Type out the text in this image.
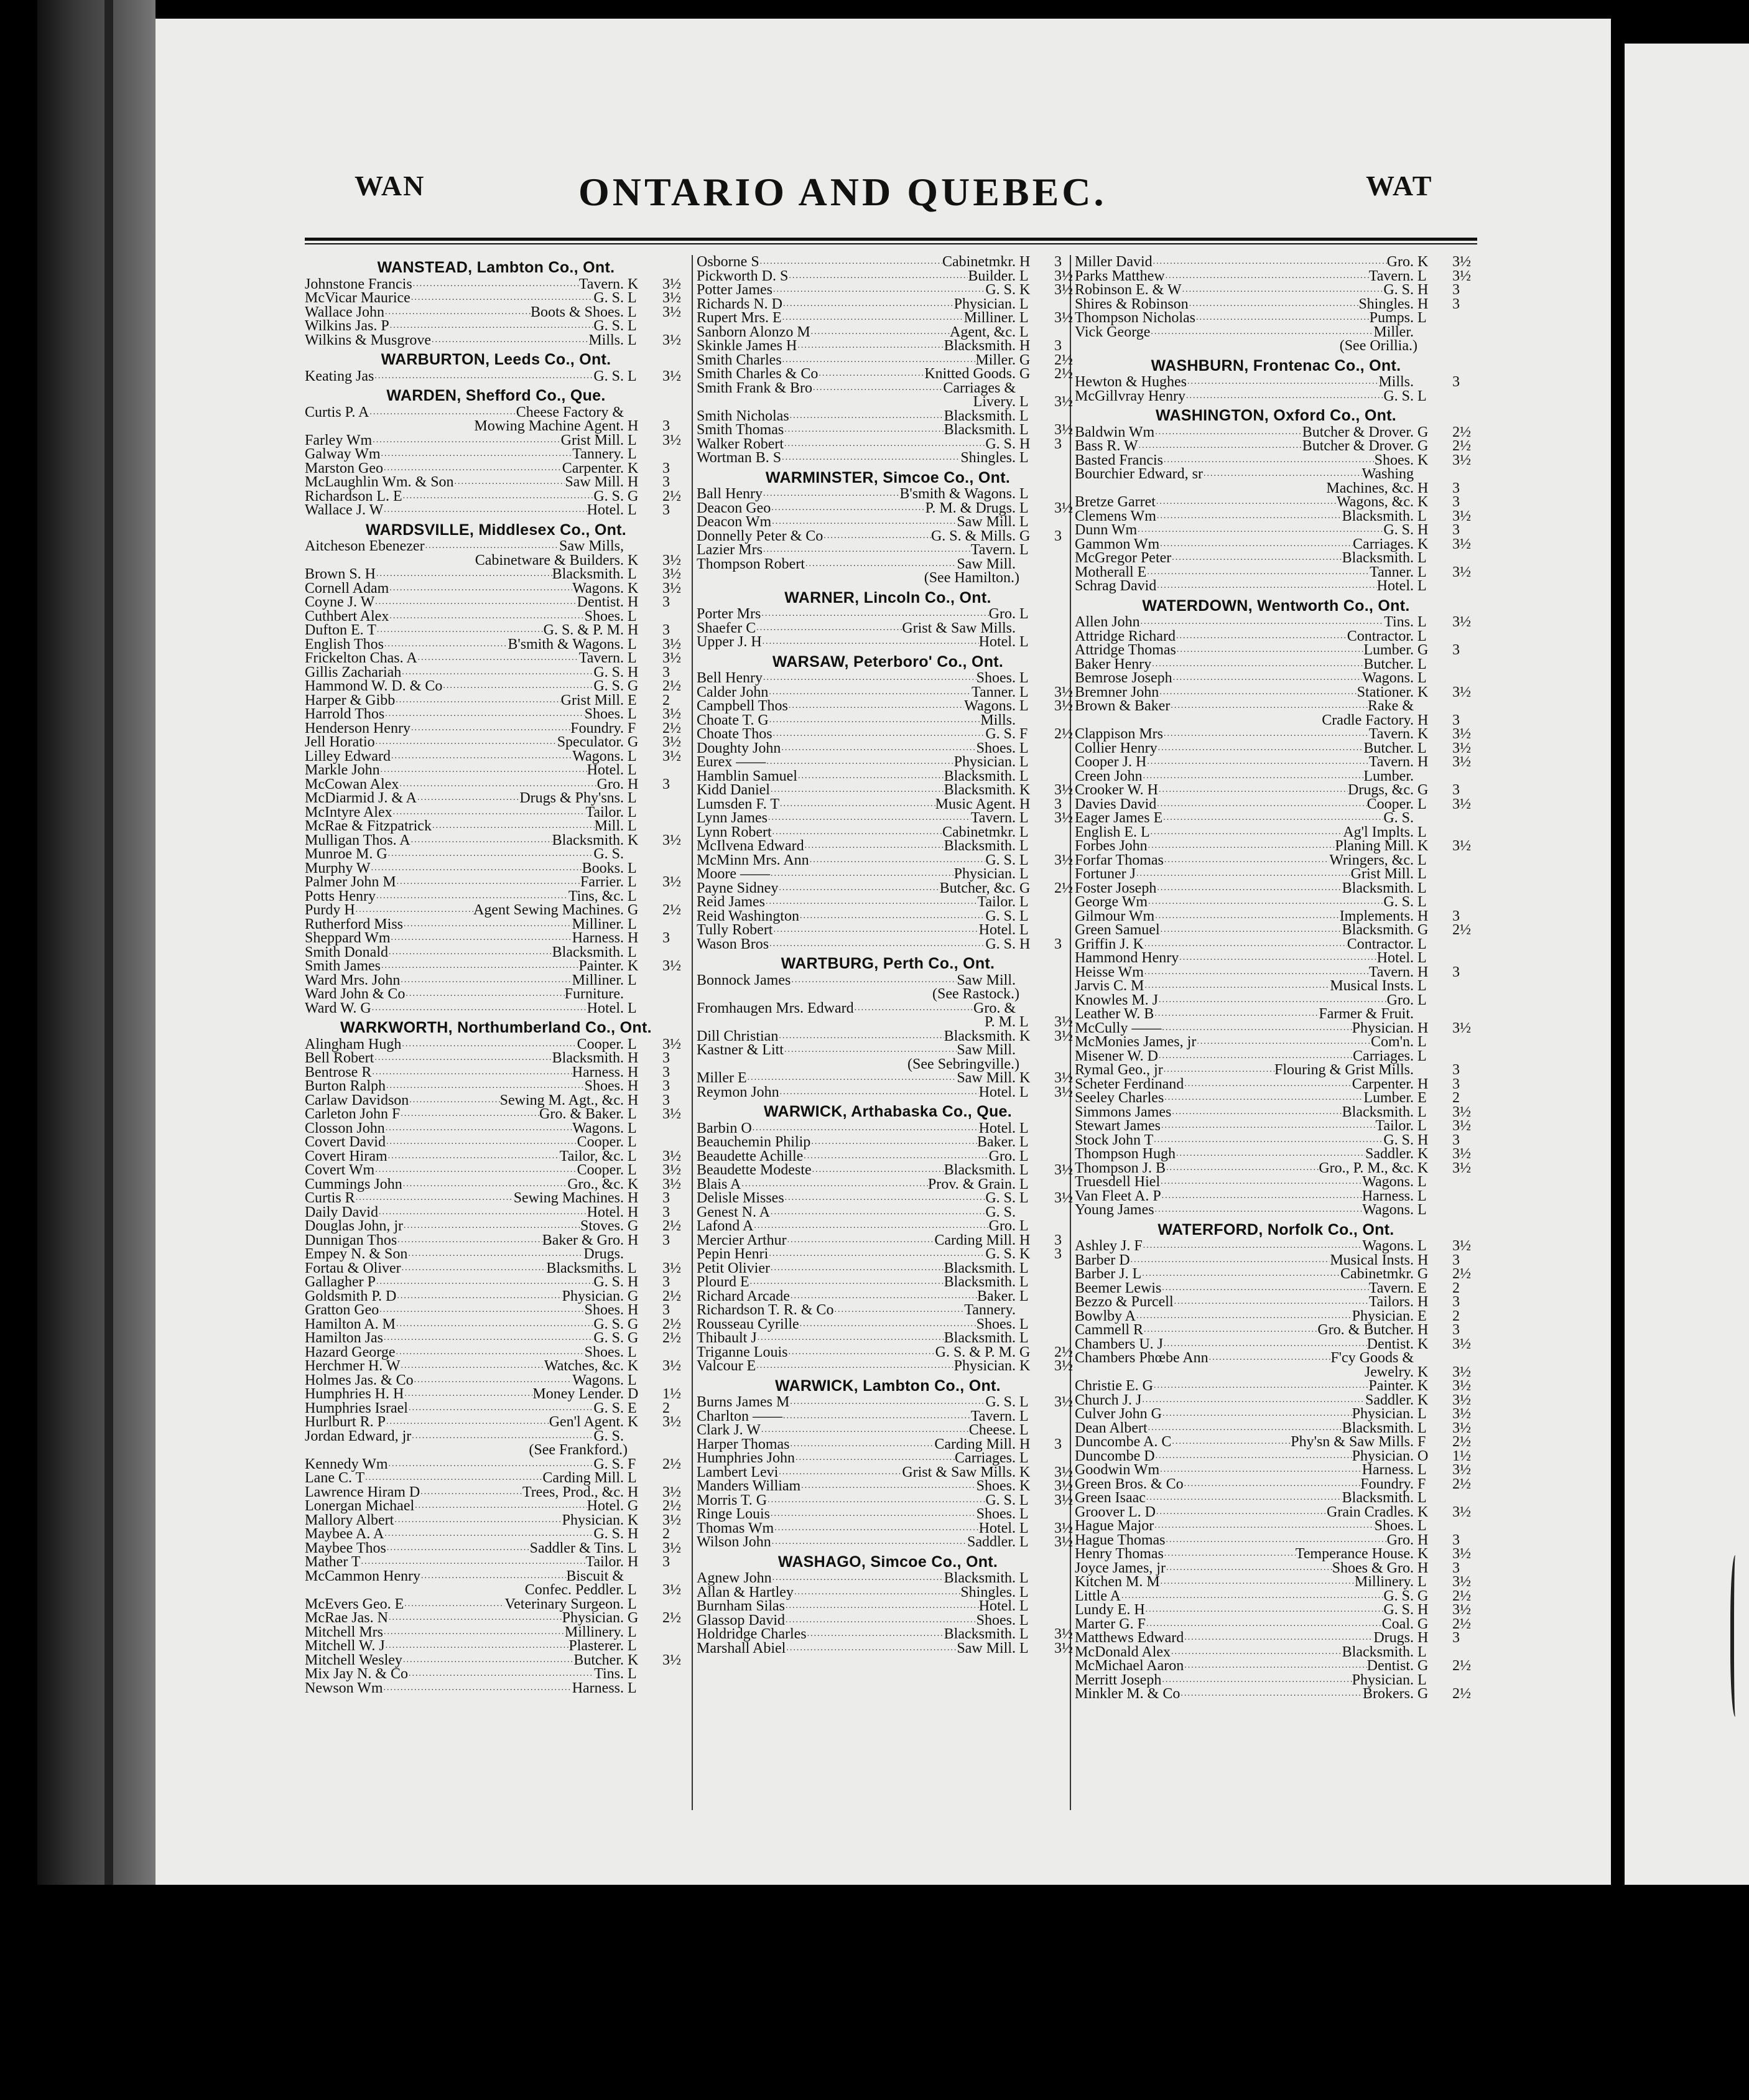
WAN	ONTARIO AND QUEBEC.	WAT
WANSTEAD, Lambton Co., Ont.
Johnstone Francis .....	Tavern. K	3½
McVicar Maurice .....	G. S. L	3½
Wallace John .....	Boots & Shoes. L	3½
Wilkins Jas. P .....	G. S. L
Wilkins & Musgrove .....	Mills. L	3½
WARBURTON, Leeds Co., Ont.
Keating Jas .....	G. S. L	3½
WARDEN, Shefford Co., Que.
Curtis P. A .....	Cheese Factory &
Mowing Machine Agent. H	3
Farley Wm .....	Grist Mill. L	3½
Galway Wm .....	Tannery. L
Marston Geo .....	Carpenter. K	3
McLaughlin Wm. & Son .....	Saw Mill. H	3
Richardson L. E .....	G. S. G	2½
Wallace J. W .....	Hotel. L	3
WARDSVILLE, Middlesex Co., Ont.
Aitcheson Ebenezer .....	Saw Mills,
Cabinetware & Builders. K	3½
Brown S. H .....	Blacksmith. L	3½
Cornell Adam .....	Wagons. K	3½
Coyne J. W .....	Dentist. H	3
Cuthbert Alex .....	Shoes. L
Dufton E. T .....	G. S. & P. M. H	3
English Thos .....	B'smith & Wagons. L	3½
Frickelton Chas. A .....	Tavern. L	3½
Gillis Zachariah .....	G. S. H	3
Hammond W. D. & Co .....	G. S. G	2½
Harper & Gibb .....	Grist Mill. E	2
Harrold Thos .....	Shoes. L	3½
Henderson Henry .....	Foundry. F	2½
Jell Horatio .....	Speculator. G	3½
Lilley Edward .....	Wagons. L	3½
Markle John .....	Hotel. L
McCowan Alex .....	Gro. H	3
McDiarmid J. & A .....	Drugs & Phy'sns. L
McIntyre Alex .....	Tailor. L
McRae & Fitzpatrick .....	Mill. L
Mulligan Thos. A .....	Blacksmith. K	3½
Munroe M. G .....	G. S.
Murphy W .....	Books. L
Palmer John M .....	Farrier. L	3½
Potts Henry .....	Tins, &c. L
Purdy H .....	Agent Sewing Machines. G	2½
Rutherford Miss .....	Milliner. L
Sheppard Wm .....	Harness. H	3
Smith Donald .....	Blacksmith. L
Smith James .....	Painter. K	3½
Ward Mrs. John .....	Milliner. L
Ward John & Co .....	Furniture.
Ward W. G .....	Hotel. L
WARKWORTH, Northumberland Co., Ont.
Alingham Hugh .....	Cooper. L	3½
Bell Robert .....	Blacksmith. H	3
Bentrose R .....	Harness. H	3
Burton Ralph .....	Shoes. H	3
Carlaw Davidson .....	Sewing M. Agt., &c. H	3
Carleton John F .....	Gro. & Baker. L	3½
Closson John .....	Wagons. L
Covert David .....	Cooper. L
Covert Hiram .....	Tailor, &c. L	3½
Covert Wm .....	Cooper. L	3½
Cummings John .....	Gro., &c. K	3½
Curtis R .....	Sewing Machines. H	3
Daily David .....	Hotel. H	3
Douglas John, jr .....	Stoves. G	2½
Dunnigan Thos .....	Baker & Gro. H	3
Empey N. & Son .....	Drugs.
Fortau & Oliver .....	Blacksmiths. L	3½
Gallagher P .....	G. S. H	3
Goldsmith P. D .....	Physician. G	2½
Gratton Geo .....	Shoes. H	3
Hamilton A. M .....	G. S. G	2½
Hamilton Jas .....	G. S. G	2½
Hazard George .....	Shoes. L
Herchmer H. W .....	Watches, &c. K	3½
Holmes Jas. & Co .....	Wagons. L
Humphries H. H .....	Money Lender. D	1½
Humphries Israel .....	G. S. E	2
Hurlburt R. P .....	Gen'l Agent. K	3½
Jordan Edward, jr .....	G. S.
(See Frankford.)
Kennedy Wm .....	G. S. F	2½
Lane C. T .....	Carding Mill. L
Lawrence Hiram D .....	Trees, Prod., &c. H	3½
Lonergan Michael .....	Hotel. G	2½
Mallory Albert .....	Physician. K	3½
Maybee A. A .....	G. S. H	2
Maybee Thos .....	Saddler & Tins. L	3½
Mather T .....	Tailor. H	3
McCammon Henry .....	Biscuit &
Confec. Peddler. L	3½
McEvers Geo. E .....	Veterinary Surgeon. L
McRae Jas. N .....	Physician. G	2½
Mitchell Mrs .....	Millinery. L
Mitchell W. J .....	Plasterer. L
Mitchell Wesley .....	Butcher. K	3½
Mix Jay N. & Co .....	Tins. L
Newson Wm .....	Harness. L
Osborne S .....	Cabinetmkr. H	3
Pickworth D. S .....	Builder. L	3½
Potter James .....	G. S. K	3½
Richards N. D .....	Physician. L
Rupert Mrs. E .....	Milliner. L	3½
Sanborn Alonzo M .....	Agent, &c. L
Skinkle James H .....	Blacksmith. H	3
Smith Charles .....	Miller. G	2½
Smith Charles & Co .....	Knitted Goods. G	2½
Smith Frank & Bro .....	Carriages &
Livery. L	3½
Smith Nicholas .....	Blacksmith. L
Smith Thomas .....	Blacksmith. L	3½
Walker Robert .....	G. S. H	3
Wortman B. S .....	Shingles. L
WARMINSTER, Simcoe Co., Ont.
Ball Henry .....	B'smith & Wagons. L
Deacon Geo .....	P. M. & Drugs. L	3½
Deacon Wm .....	Saw Mill. L
Donnelly Peter & Co .....	G. S. & Mills. G	3
Lazier Mrs .....	Tavern. L
Thompson Robert .....	Saw Mill.
(See Hamilton.)
WARNER, Lincoln Co., Ont.
Porter Mrs .....	Gro. L
Shaefer C .....	Grist & Saw Mills.
Upper J. H .....	Hotel. L
WARSAW, Peterboro' Co., Ont.
Bell Henry .....	Shoes. L
Calder John .....	Tanner. L	3½
Campbell Thos .....	Wagons. L	3½
Choate T. G .....	Mills.
Choate Thos .....	G. S. F	2½
Doughty John .....	Shoes. L
Eurex —— .....	Physician. L
Hamblin Samuel .....	Blacksmith. L
Kidd Daniel .....	Blacksmith. K	3½
Lumsden F. T .....	Music Agent. H	3
Lynn James .....	Tavern. L	3½
Lynn Robert .....	Cabinetmkr. L
McIlvena Edward .....	Blacksmith. L
McMinn Mrs. Ann .....	G. S. L	3½
Moore —— .....	Physician. L
Payne Sidney .....	Butcher, &c. G	2½
Reid James .....	Tailor. L
Reid Washington .....	G. S. L
Tully Robert .....	Hotel. L
Wason Bros .....	G. S. H	3
WARTBURG, Perth Co., Ont.
Bonnock James .....	Saw Mill.
(See Rastock.)
Fromhaugen Mrs. Edward .....	Gro. &
P. M. L	3½
Dill Christian .....	Blacksmith. K	3½
Kastner & Litt .....	Saw Mill.
(See Sebringville.)
Miller E .....	Saw Mill. K	3½
Reymon John .....	Hotel. L	3½
WARWICK, Arthabaska Co., Que.
Barbin O .....	Hotel. L
Beauchemin Philip .....	Baker. L
Beaudette Achille .....	Gro. L
Beaudette Modeste .....	Blacksmith. L	3½
Blais A .....	Prov. & Grain. L
Delisle Misses .....	G. S. L	3½
Genest N. A .....	G. S.
Lafond A .....	Gro. L
Mercier Arthur .....	Carding Mill. H	3
Pepin Henri .....	G. S. K	3
Petit Olivier .....	Blacksmith. L
Plourd E .....	Blacksmith. L
Richard Arcade .....	Baker. L
Richardson T. R. & Co .....	Tannery.
Rousseau Cyrille .....	Shoes. L
Thibault J .....	Blacksmith. L
Triganne Louis .....	G. S. & P. M. G	2½
Valcour E .....	Physician. K	3½
WARWICK, Lambton Co., Ont.
Burns James M .....	G. S. L	3½
Charlton —— .....	Tavern. L
Clark J. W .....	Cheese. L
Harper Thomas .....	Carding Mill. H	3
Humphries John .....	Carriages. L
Lambert Levi .....	Grist & Saw Mills. K	3½
Manders William .....	Shoes. K	3½
Morris T. G .....	G. S. L	3½
Ringe Louis .....	Shoes. L
Thomas Wm .....	Hotel. L	3½
Wilson John .....	Saddler. L	3½
WASHAGO, Simcoe Co., Ont.
Agnew John .....	Blacksmith. L
Allan & Hartley .....	Shingles. L
Burnham Silas .....	Hotel. L
Glassop David .....	Shoes. L
Holdridge Charles .....	Blacksmith. L	3½
Marshall Abiel .....	Saw Mill. L	3½
Miller David .....	Gro. K	3½
Parks Matthew .....	Tavern. L	3½
Robinson E. & W .....	G. S. H	3
Shires & Robinson .....	Shingles. H	3
Thompson Nicholas .....	Pumps. L
Vick George .....	Miller.
(See Orillia.)
WASHBURN, Frontenac Co., Ont.
Hewton & Hughes .....	Mills.	3
McGillvray Henry .....	G. S. L
WASHINGTON, Oxford Co., Ont.
Baldwin Wm .....	Butcher & Drover. G	2½
Bass R. W .....	Butcher & Drover. G	2½
Basted Francis .....	Shoes. K	3½
Bourchier Edward, sr .....	Washing
Machines, &c. H	3
Bretze Garret .....	Wagons, &c. K	3
Clemens Wm .....	Blacksmith. L	3½
Dunn Wm .....	G. S. H	3
Gammon Wm .....	Carriages. K	3½
McGregor Peter .....	Blacksmith. L
Motherall E .....	Tanner. L	3½
Schrag David .....	Hotel. L
WATERDOWN, Wentworth Co., Ont.
Allen John .....	Tins. L	3½
Attridge Richard .....	Contractor. L
Attridge Thomas .....	Lumber. G	3
Baker Henry .....	Butcher. L
Bemrose Joseph .....	Wagons. L
Bremner John .....	Stationer. K	3½
Brown & Baker .....	Rake &
Cradle Factory. H	3
Clappison Mrs .....	Tavern. K	3½
Collier Henry .....	Butcher. L	3½
Cooper J. H .....	Tavern. H	3½
Creen John .....	Lumber.
Crooker W. H .....	Drugs, &c. G	3
Davies David .....	Cooper. L	3½
Eager James E .....	G. S.
English E. L .....	Ag'l Implts. L
Forbes John .....	Planing Mill. K	3½
Forfar Thomas .....	Wringers, &c. L
Fortuner J .....	Grist Mill. L
Foster Joseph .....	Blacksmith. L
George Wm .....	G. S. L
Gilmour Wm .....	Implements. H	3
Green Samuel .....	Blacksmith. G	2½
Griffin J. K .....	Contractor. L
Hammond Henry .....	Hotel. L
Heisse Wm .....	Tavern. H	3
Jarvis C. M .....	Musical Insts. L
Knowles M. J .....	Gro. L
Leather W. B .....	Farmer & Fruit.
McCully —— .....	Physician. H	3½
McMonies James, jr .....	Com'n. L
Misener W. D .....	Carriages. L
Rymal Geo., jr .....	Flouring & Grist Mills.	3
Scheter Ferdinand .....	Carpenter. H	3
Seeley Charles .....	Lumber. E	2
Simmons James .....	Blacksmith. L	3½
Stewart James .....	Tailor. L	3½
Stock John T .....	G. S. H	3
Thompson Hugh .....	Saddler. K	3½
Thompson J. B .....	Gro., P. M., &c. K	3½
Truesdell Hiel .....	Wagons. L
Van Fleet A. P .....	Harness. L
Young James .....	Wagons. L
WATERFORD, Norfolk Co., Ont.
Ashley J. F .....	Wagons. L	3½
Barber D .....	Musical Insts. H	3
Barber J. L .....	Cabinetmkr. G	2½
Beemer Lewis .....	Tavern. E	2
Bezzo & Purcell .....	Tailors. H	3
Bowlby A .....	Physician. E	2
Cammell R .....	Gro. & Butcher. H	3
Chambers U. J .....	Dentist. K	3½
Chambers Phœbe Ann .....	F'cy Goods &
Jewelry. K	3½
Christie E. G .....	Painter. K	3½
Church J. J .....	Saddler. K	3½
Culver John G .....	Physician. L	3½
Dean Albert .....	Blacksmith. L	3½
Duncombe A. C .....	Phy'sn & Saw Mills. F	2½
Duncombe D .....	Physician. O	1½
Goodwin Wm .....	Harness. L	3½
Green Bros. & Co .....	Foundry. F	2½
Green Isaac .....	Blacksmith. L
Groover L. D .....	Grain Cradles. K	3½
Hague Major .....	Shoes. L
Hague Thomas .....	Gro. H	3
Henry Thomas .....	Temperance House. K	3½
Joyce James, jr .....	Shoes & Gro. H	3
Kitchen M. M .....	Millinery. L	3½
Little A .....	G. S. G	2½
Lundy E. H .....	G. S. H	3½
Marter G. F .....	Coal. G	2½
Matthews Edward .....	Drugs. H	3
McDonald Alex .....	Blacksmith. L
McMichael Aaron .....	Dentist. G	2½
Merritt Joseph .....	Physician. L
Minkler M. & Co .....	Brokers. G	2½
